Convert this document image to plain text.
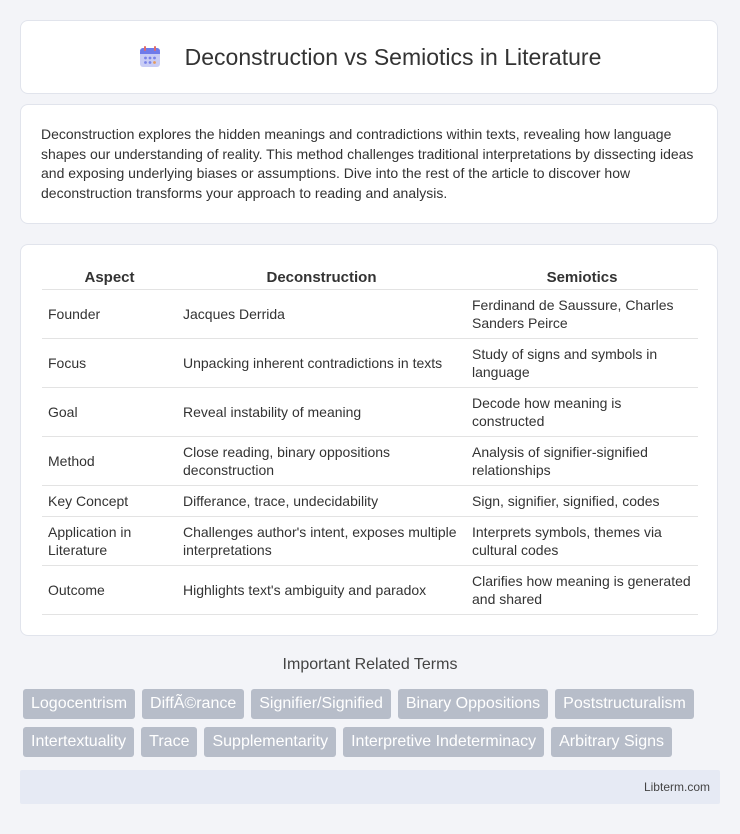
Deconstruction vs Semiotics in Literature

Deconstruction explores the hidden meanings and contradictions within texts, revealing how language shapes our understanding of reality. This method challenges traditional interpretations by dissecting ideas and exposing underlying biases or assumptions. Dive into the rest of the article to discover how deconstruction transforms your approach to reading and analysis.

Aspect	Deconstruction	Semiotics
Founder	Jacques Derrida	Ferdinand de Saussure, Charles Sanders Peirce
Focus	Unpacking inherent contradictions in texts	Study of signs and symbols in language
Goal	Reveal instability of meaning	Decode how meaning is constructed
Method	Close reading, binary oppositions deconstruction	Analysis of signifier-signified relationships
Key Concept	Differance, trace, undecidability	Sign, signifier, signified, codes
Application in Literature	Challenges author's intent, exposes multiple interpretations	Interprets symbols, themes via cultural codes
Outcome	Highlights text's ambiguity and paradox	Clarifies how meaning is generated and shared
Important Related Terms
Logocentrism	DiffÃ©rance	Signifier/Signified	Binary Oppositions	Poststructuralism
Intertextuality	Trace	Supplementarity	Interpretive Indeterminacy	Arbitrary Signs
Libterm.com
